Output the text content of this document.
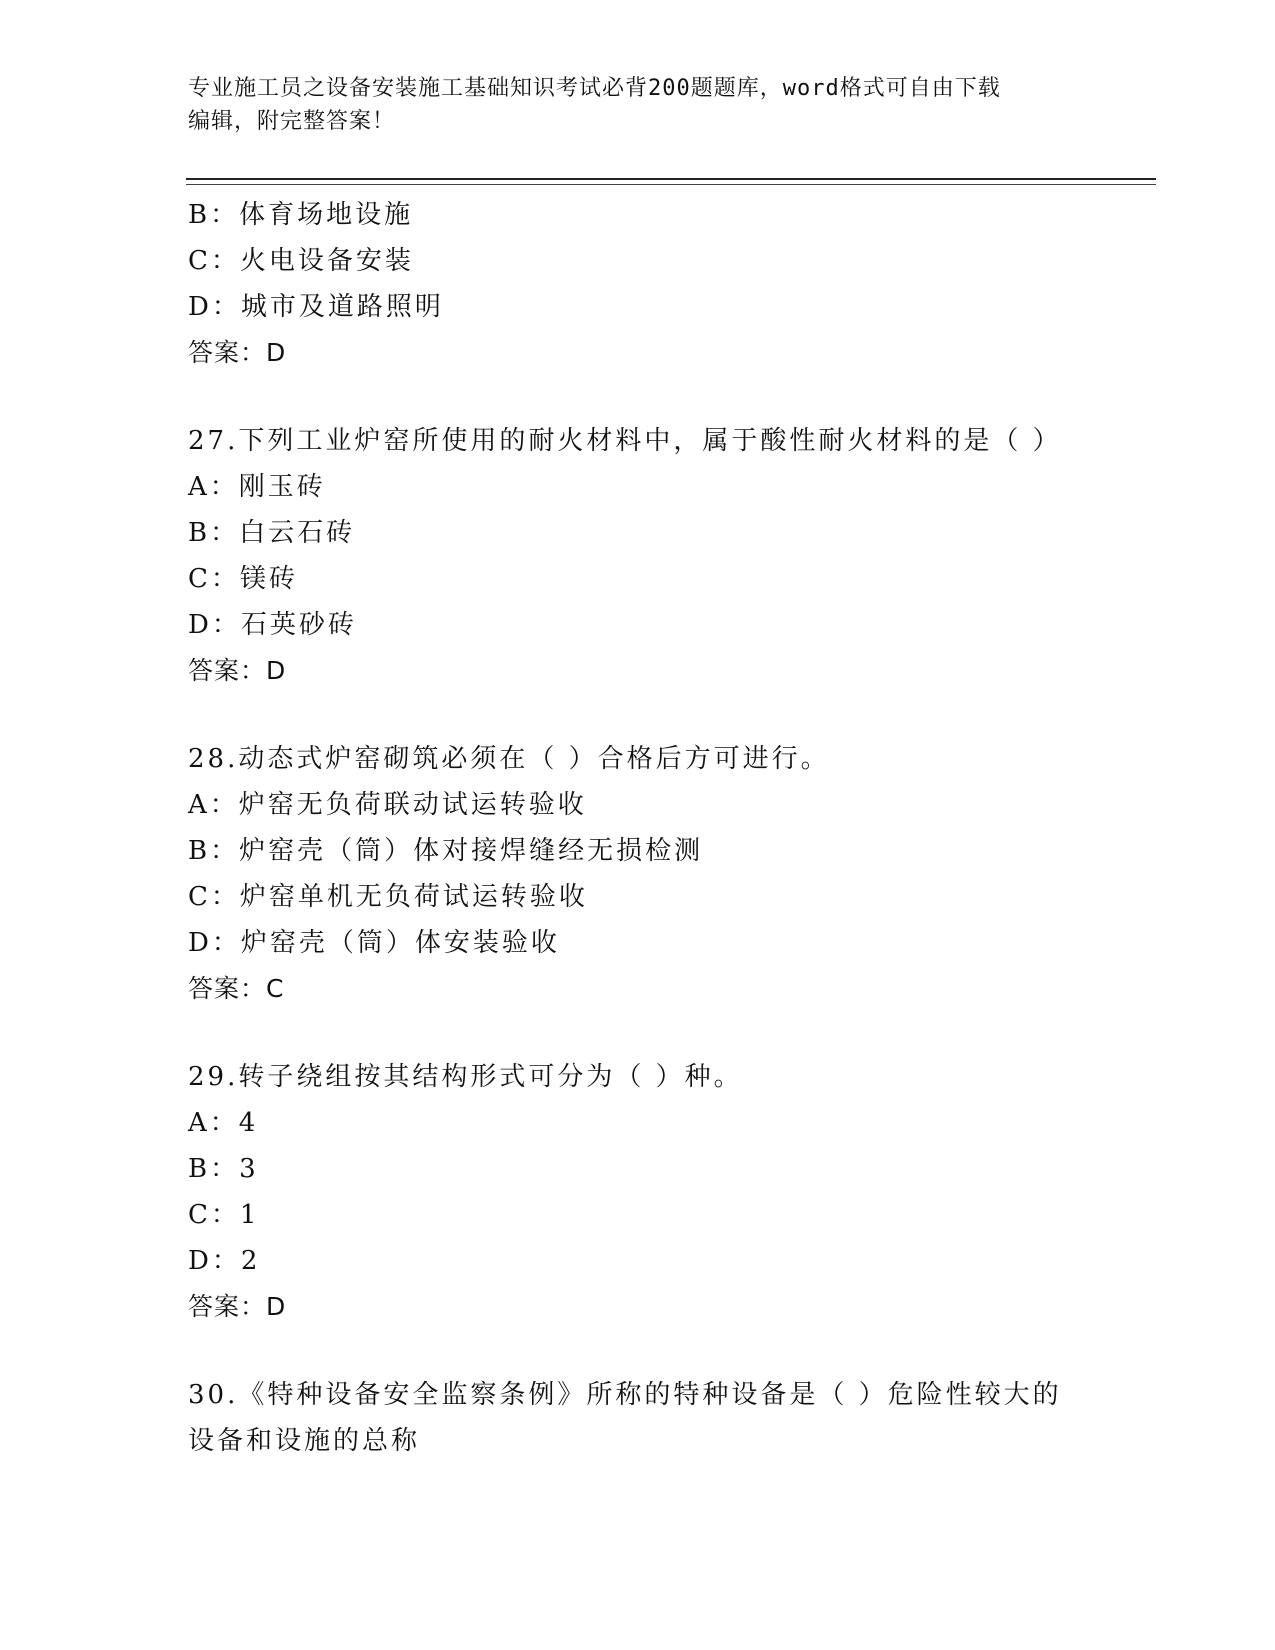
专业施工员之设备安装施工基础知识考试必背200题题库，word格式可自由下载
编辑，附完整答案！
B：体育场地设施
C：火电设备安装
D：城市及道路照明
答案：D
27.下列工业炉窑所使用的耐火材料中，属于酸性耐火材料的是（ ）
A：刚玉砖
B：白云石砖
C：镁砖
D：石英砂砖
答案：D
28.动态式炉窑砌筑必须在（ ）合格后方可进行。
A：炉窑无负荷联动试运转验收
B：炉窑壳（筒）体对接焊缝经无损检测
C：炉窑单机无负荷试运转验收
D：炉窑壳（筒）体安装验收
答案：C
29.转子绕组按其结构形式可分为（ ）种。
A：4
B：3
C：1
D：2
答案：D
30.《特种设备安全监察条例》所称的特种设备是（ ）危险性较大的设备和设施的总称
